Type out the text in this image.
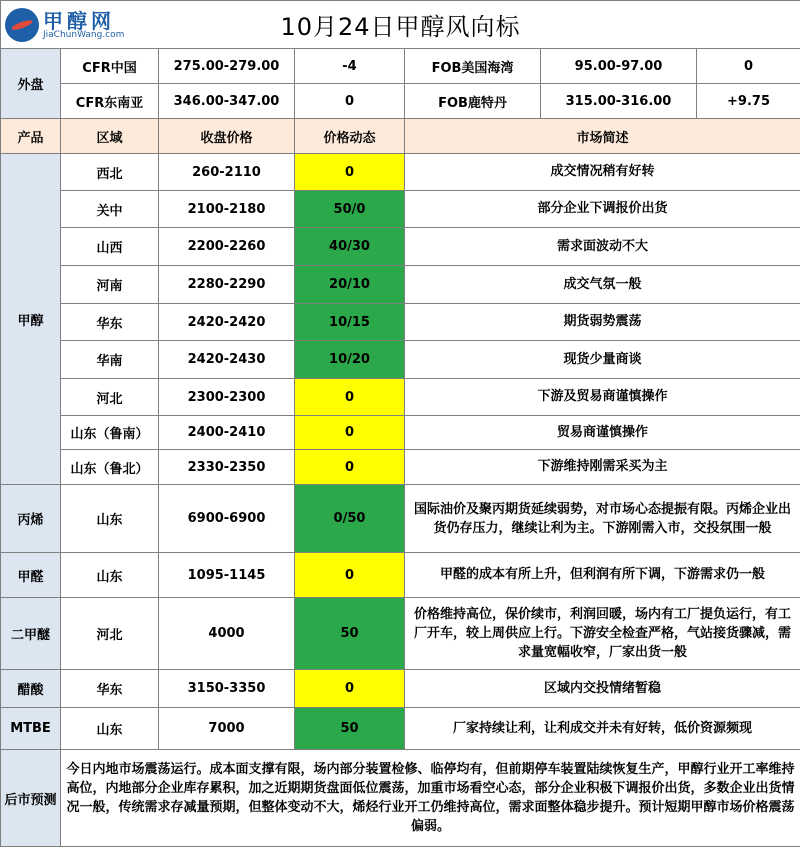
甲醇网
JiaChunWang.com 10月24日甲醇风向标						
外盘	CFR中国	275.00-279.00	-4	FOB美国海湾	95.00-97.00	0
	CFR东南亚	346.00-347.00	0	FOB鹿特丹	315.00-316.00	+9.75
产品	区域	收盘价格	价格动态	市场简述		
甲醇	西北	260-2110	0	成交情况稍有好转		
	关中	2100-2180	50/0	部分企业下调报价出货		
	山西	2200-2260	40/30	需求面波动不大		
	河南	2280-2290	20/10	成交气氛一般		
	华东	2420-2420	10/15	期货弱势震荡		
	华南	2420-2430	10/20	现货少量商谈		
	河北	2300-2300	0	下游及贸易商谨慎操作		
	山东（鲁南）	2400-2410	0	贸易商谨慎操作		
	山东（鲁北）	2330-2350	0	下游维持刚需采买为主		
丙烯	山东	6900-6900	0/50	国际油价及聚丙期货延续弱势，对市场心态提振有限。丙烯企业出货仍存压力，继续让利为主。下游刚需入市，交投氛围一般		
甲醛	山东	1095-1145	0	甲醛的成本有所上升，但利润有所下调，下游需求仍一般		
二甲醚	河北	4000	50	价格维持高位，保价续市，利润回暖，场内有工厂提负运行，有工厂开车，较上周供应上行。下游安全检查严格，气站接货骤减，需求量宽幅收窄，厂家出货一般		
醋酸	华东	3150-3350	0	区域内交投情绪暂稳		
MTBE	山东	7000	50	厂家持续让利，让利成交并未有好转，低价资源频现		
后市预测	今日内地市场震荡运行。成本面支撑有限，场内部分装置检修、临停均有，但前期停车装置陆续恢复生产，甲醇行业开工率维持高位，内地部分企业库存累积，加之近期期货盘面低位震荡，加重市场看空心态，部分企业积极下调报价出货，多数企业出货情况一般，传统需求存减量预期，但整体变动不大，烯烃行业开工仍维持高位，需求面整体稳步提升。预计短期甲醇市场价格震荡偏弱。					
